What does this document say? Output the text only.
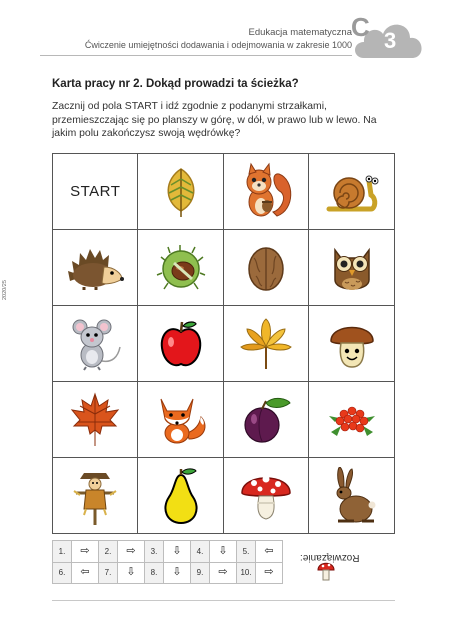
Edukacja matematyczna
Ćwiczenie umiejętności dodawania i odejmowania w zakresie 1000
C 3
2020/25
Karta pracy nr 2. Dokąd prowadzi ta ścieżka?

Zacznij od pola START i idź zgodnie z podanymi strzałkami, przemieszczając się po planszy w górę, w dół, w prawo lub w lewo. Na jakim polu zakończysz swoją wędrówkę?

START	

1.	⇨	2.	⇨	3.	⇩	4.	⇩	5.	⇦
6.	⇦	7.	⇩	8.	⇩	9.	⇨	10.	⇨
Rozwiązanie:
